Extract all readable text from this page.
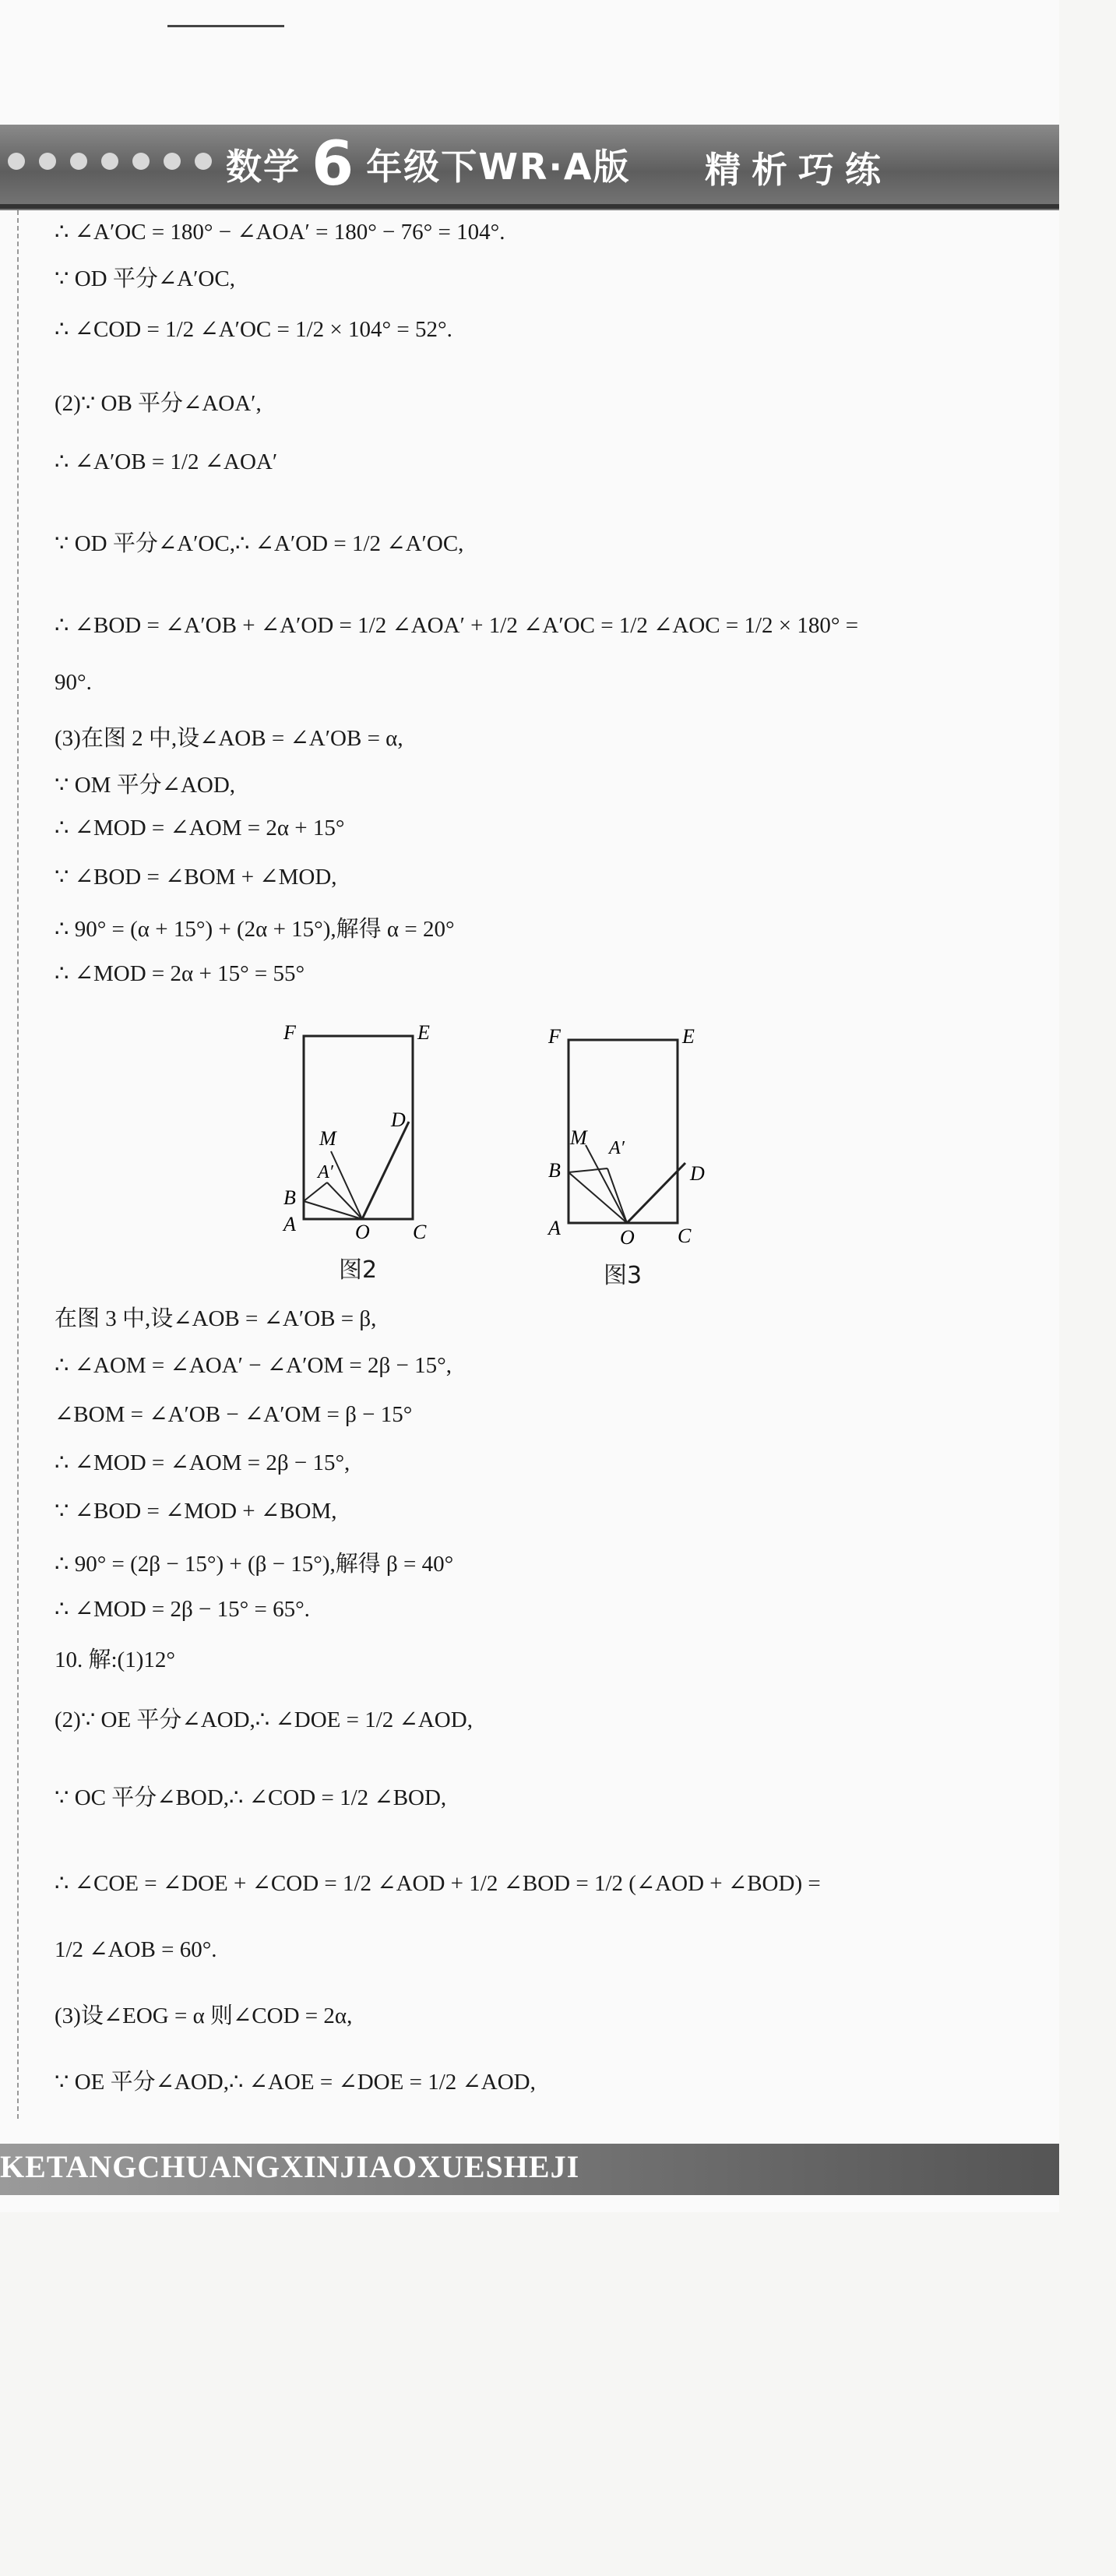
数学 6 年级下WR·A版 精析巧练
∴ ∠A′OC = 180° − ∠AOA′ = 180° − 76° = 104°.
∵ OD 平分∠A′OC,
∴ ∠COD = 1/2 ∠A′OC = 1/2 × 104° = 52°.
(2)∵ OB 平分∠AOA′,
∴ ∠A′OB = 1/2 ∠AOA′
∵ OD 平分∠A′OC,∴ ∠A′OD = 1/2 ∠A′OC,
∴ ∠BOD = ∠A′OB + ∠A′OD = 1/2 ∠AOA′ + 1/2 ∠A′OC = 1/2 ∠AOC = 1/2 × 180° =
90°.
(3)在图 2 中,设∠AOB = ∠A′OB = α,
∵ OM 平分∠AOD,
∴ ∠MOD = ∠AOM = 2α + 15°
∵ ∠BOD = ∠BOM + ∠MOD,
∴ 90° = (α + 15°) + (2α + 15°),解得 α = 20°
∴ ∠MOD = 2α + 15° = 55°
在图 3 中,设∠AOB = ∠A′OB = β,
∴ ∠AOM = ∠AOA′ − ∠A′OM = 2β − 15°,
∠BOM = ∠A′OB − ∠A′OM = β − 15°
∴ ∠MOD = ∠AOM = 2β − 15°,
∵ ∠BOD = ∠MOD + ∠BOM,
∴ 90° = (2β − 15°) + (β − 15°),解得 β = 40°
∴ ∠MOD = 2β − 15° = 65°.
10. 解:(1)12°
(2)∵ OE 平分∠AOD,∴ ∠DOE = 1/2 ∠AOD,
∵ OC 平分∠BOD,∴ ∠COD = 1/2 ∠BOD,
∴ ∠COE = ∠DOE + ∠COD = 1/2 ∠AOD + 1/2 ∠BOD = 1/2 (∠AOD + ∠BOD) =
1/2 ∠AOB = 60°.
(3)设∠EOG = α 则∠COD = 2α,
∵ OE 平分∠AOD,∴ ∠AOE = ∠DOE = 1/2 ∠AOD,
F	E
M
D
A′
B
A	O C
图2
F	E
M A′
B	D
A	O C
图3
KETANGCHUANGXINJIAOXUESHEJI
